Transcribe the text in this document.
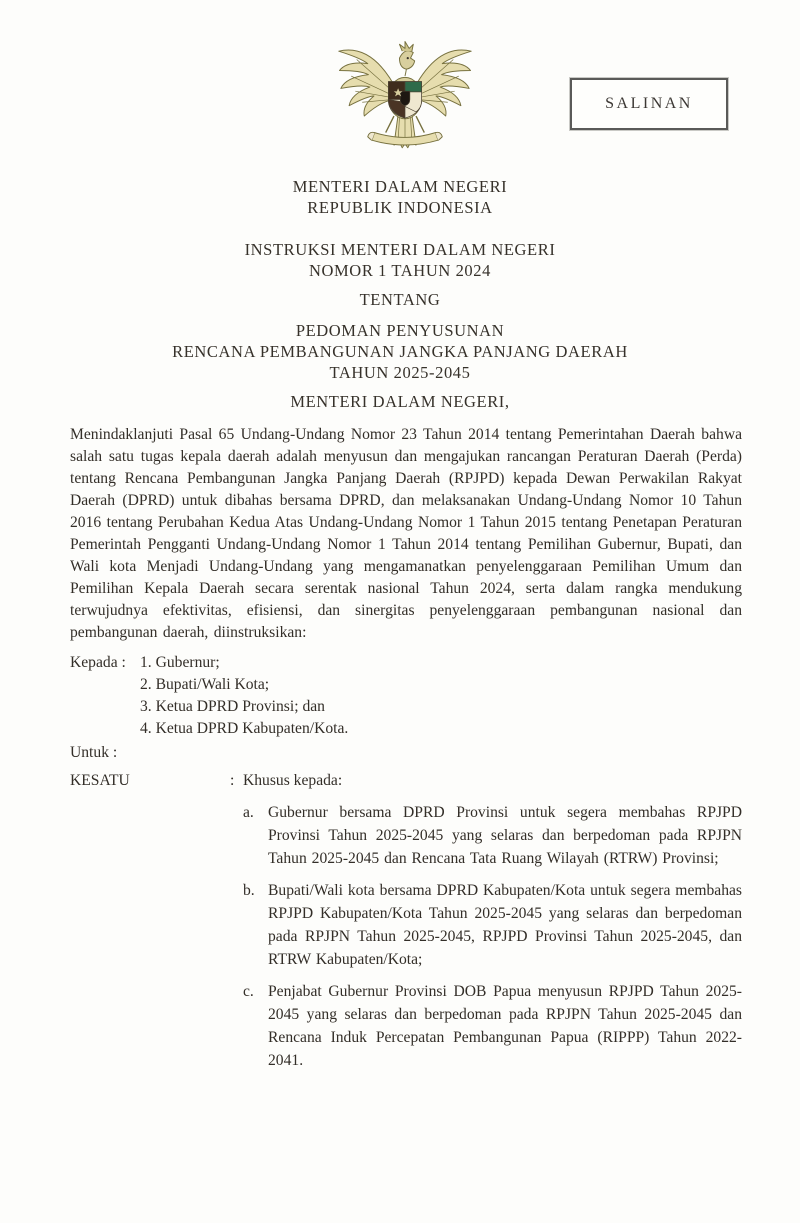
SALINAN
MENTERI DALAM NEGERI
REPUBLIK INDONESIA
INSTRUKSI MENTERI DALAM NEGERI
NOMOR 1 TAHUN 2024
TENTANG
PEDOMAN PENYUSUNAN
RENCANA PEMBANGUNAN JANGKA PANJANG DAERAH
TAHUN 2025-2045
MENTERI DALAM NEGERI,

Menindaklanjuti Pasal 65 Undang-Undang Nomor 23 Tahun 2014 tentang Pemerintahan Daerah bahwa salah satu tugas kepala daerah adalah menyusun dan mengajukan rancangan Peraturan Daerah (Perda) tentang Rencana Pembangunan Jangka Panjang Daerah (RPJPD) kepada Dewan Perwakilan Rakyat Daerah (DPRD) untuk dibahas bersama DPRD, dan melaksanakan Undang-Undang Nomor 10 Tahun 2016 tentang Perubahan Kedua Atas Undang-Undang Nomor 1 Tahun 2015 tentang Penetapan Peraturan Pemerintah Pengganti Undang-Undang Nomor 1 Tahun 2014 tentang Pemilihan Gubernur, Bupati, dan Wali kota Menjadi Undang-Undang yang mengamanatkan penyelenggaraan Pemilihan Umum dan Pemilihan Kepala Daerah secara serentak nasional Tahun 2024, serta dalam rangka mendukung terwujudnya efektivitas, efisiensi, dan sinergitas penyelenggaraan pembangunan nasional dan pembangunan daerah, diinstruksikan:

Kepada : 1. Gubernur;
2. Bupati/Wali Kota;
3. Ketua DPRD Provinsi; dan
4. Ketua DPRD Kabupaten/Kota.
Untuk :
KESATU	: Khusus kepada:
a. Gubernur bersama DPRD Provinsi untuk segera membahas RPJPD Provinsi Tahun 2025-2045 yang selaras dan berpedoman pada RPJPN Tahun 2025-2045 dan Rencana Tata Ruang Wilayah (RTRW) Provinsi;
b. Bupati/Wali kota bersama DPRD Kabupaten/Kota untuk segera membahas RPJPD Kabupaten/Kota Tahun 2025-2045 yang selaras dan berpedoman pada RPJPN Tahun 2025-2045, RPJPD Provinsi Tahun 2025-2045, dan RTRW Kabupaten/Kota;
c. Penjabat Gubernur Provinsi DOB Papua menyusun RPJPD Tahun 2025-2045 yang selaras dan berpedoman pada RPJPN Tahun 2025-2045 dan Rencana Induk Percepatan Pembangunan Papua (RIPPP) Tahun 2022-2041.
